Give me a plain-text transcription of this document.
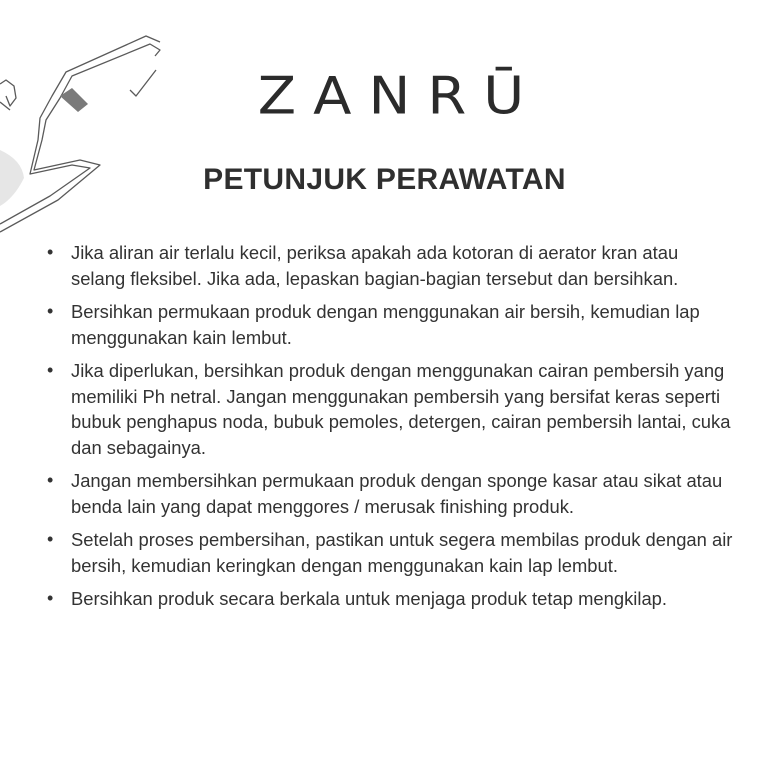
ZANRŪ
PETUNJUK PERAWATAN
• Jika aliran air terlalu kecil, periksa apakah ada kotoran di aerator kran atau selang fleksibel. Jika ada, lepaskan bagian-bagian tersebut dan bersihkan.
• Bersihkan permukaan produk dengan menggunakan air bersih, kemudian lap menggunakan kain lembut.
• Jika diperlukan, bersihkan produk dengan menggunakan cairan pembersih yang memiliki Ph netral. Jangan menggunakan pembersih yang bersifat keras seperti bubuk penghapus noda, bubuk pemoles, detergen, cairan pembersih lantai, cuka dan sebagainya.
• Jangan membersihkan permukaan produk dengan sponge kasar atau sikat atau benda lain yang dapat menggores / merusak finishing produk.
• Setelah proses pembersihan, pastikan untuk segera membilas produk dengan air bersih, kemudian keringkan dengan menggunakan kain lap lembut.
• Bersihkan produk secara berkala untuk menjaga produk tetap mengkilap.
